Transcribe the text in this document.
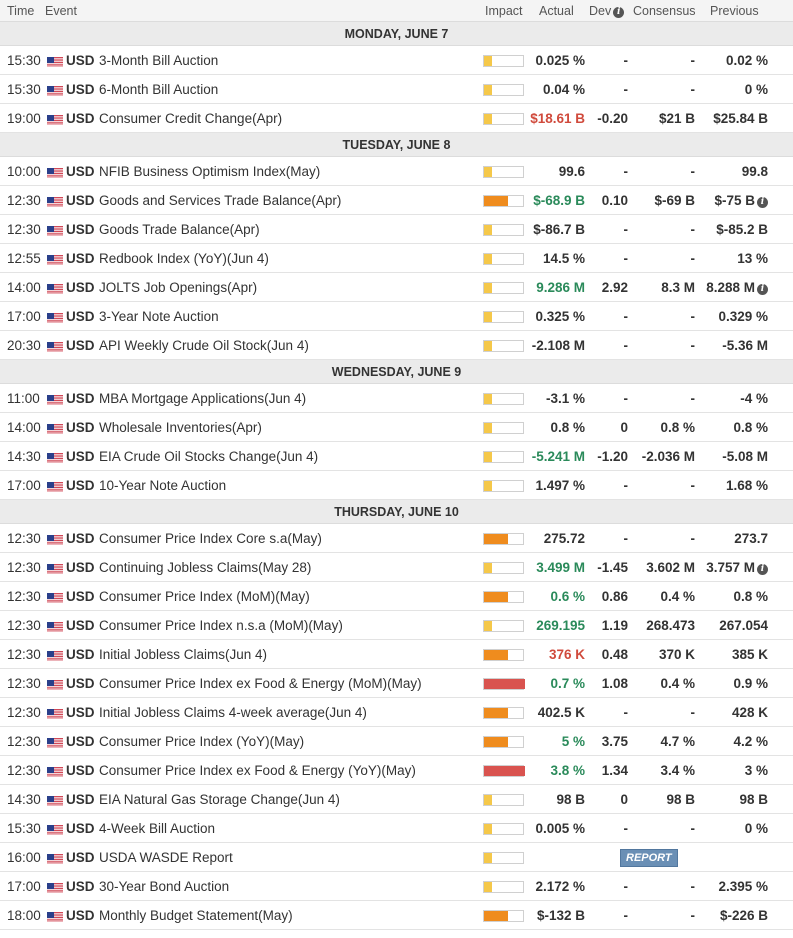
Time Event	Impact Actual Dev i	Consensus Previous
MONDAY, JUNE 7
15:30 USD 3-Month Bill Auction	0.025 %	-	- 0.02 %
15:30 USD 6-Month Bill Auction	0.04 %	-	-	0 %
19:00 USD Consumer Credit Change(Apr)	$18.61 B -0.20 $21 B $25.84 B
TUESDAY, JUNE 8
10:00 USD NFIB Business Optimism Index(May)	99.6	-	-	99.8
12:30 USD Goods and Services Trade Balance(Apr)	$-68.9 B 0.10 $-69 B $-75 B i
12:30 USD Goods Trade Balance(Apr)	$-86.7 B	-	- $-85.2 B
12:55 USD Redbook Index (YoY)(Jun 4)	14.5 %	-	-	13 %
14:00 USD JOLTS Job Openings(Apr)	9.286 M 2.92 8.3 M 8.288 M i
17:00 USD 3-Year Note Auction	0.325 %	-	- 0.329 %
20:30 USD API Weekly Crude Oil Stock(Jun 4)	-2.108 M	-	- -5.36 M
WEDNESDAY, JUNE 9
11:00 USD MBA Mortgage Applications(Jun 4)	-3.1 %	-	-	-4 %
14:00 USD Wholesale Inventories(Apr)	0.8 %	0 0.8 %	0.8 %
14:30 USD EIA Crude Oil Stocks Change(Jun 4)	-5.241 M -1.20 -2.036 M -5.08 M
17:00 USD 10-Year Note Auction	1.497 %	-	- 1.68 %
THURSDAY, JUNE 10
12:30 USD Consumer Price Index Core s.a(May)	275.72	-	-	273.7
12:30 USD Continuing Jobless Claims(May 28)	3.499 M -1.45 3.602 M 3.757 M i
12:30 USD Consumer Price Index (MoM)(May)	0.6 % 0.86 0.4 %	0.8 %
12:30 USD Consumer Price Index n.s.a (MoM)(May)	269.195 1.19 268.473 267.054
12:30 USD Initial Jobless Claims(Jun 4)	376 K 0.48 370 K	385 K
12:30 USD Consumer Price Index ex Food & Energy (MoM)(May)	0.7 % 1.08 0.4 %	0.9 %
12:30 USD Initial Jobless Claims 4-week average(Jun 4)	402.5 K	-	-	428 K
12:30 USD Consumer Price Index (YoY)(May)	5 % 3.75 4.7 %	4.2 %
12:30 USD Consumer Price Index ex Food & Energy (YoY)(May)	3.8 % 1.34 3.4 %	3 %
14:30 USD EIA Natural Gas Storage Change(Jun 4)	98 B	0	98 B	98 B
15:30 USD 4-Week Bill Auction	0.005 %	-	-	0 %
16:00 USD USDA WASDE Report	REPORT
17:00 USD 30-Year Bond Auction	2.172 %	-	- 2.395 %
18:00 USD Monthly Budget Statement(May)	$-132 B	-	- $-226 B
